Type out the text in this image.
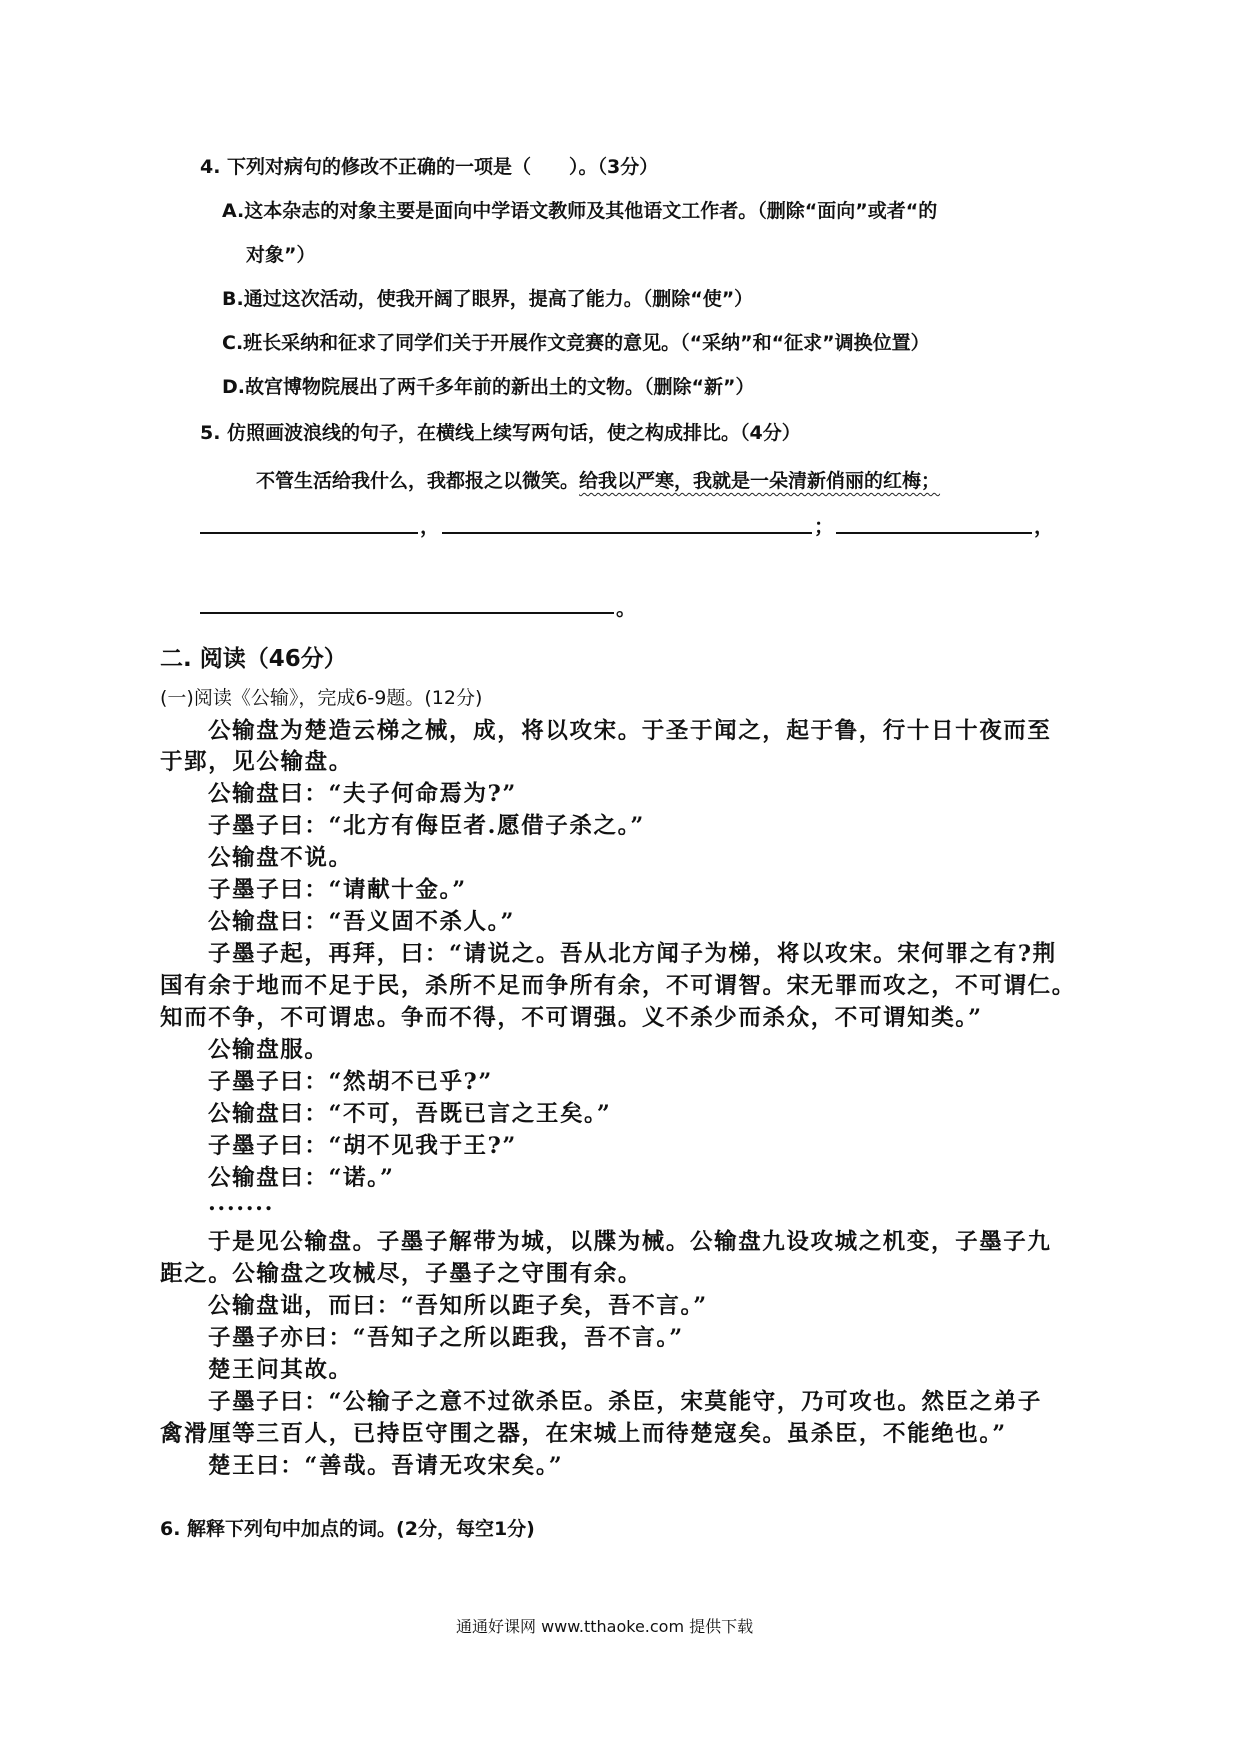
4. 下列对病句的修改不正确的一项是（　　）。（3分）
A.这本杂志的对象主要是面向中学语文教师及其他语文工作者。（删除“面向”或者“的
对象”）
B.通过这次活动，使我开阔了眼界，提高了能力。（删除“使”）
C.班长采纳和征求了同学们关于开展作文竞赛的意见。（“采纳”和“征求”调换位置）
D.故宫博物院展出了两千多年前的新出土的文物。（删除“新”）
5. 仿照画波浪线的句子，在横线上续写两句话，使之构成排比。（4分）
不管生活给我什么，我都报之以微笑。给我以严寒，我就是一朵清新俏丽的红梅；
，	；	，
。
二. 阅读（46分）
(一)阅读《公输》，完成6-9题。(12分)
公输盘为楚造云梯之械，成，将以攻宋。于圣于闻之，起于鲁，行十日十夜而至
于郢，见公输盘。
公输盘曰：“夫子何命焉为?”
子墨子曰：“北方有侮臣者.愿借子杀之。”
公输盘不说。
子墨子曰：“请献十金。”
公输盘曰：“吾义固不杀人。”
子墨子起，再拜，曰：“请说之。吾从北方闻子为梯，将以攻宋。宋何罪之有?荆
国有余于地而不足于民，杀所不足而争所有余，不可谓智。宋无罪而攻之，不可谓仁。
知而不争，不可谓忠。争而不得，不可谓强。义不杀少而杀众，不可谓知类。”
公输盘服。
子墨子曰：“然胡不已乎?”
公输盘曰：“不可，吾既已言之王矣。”
子墨子曰：“胡不见我于王?”
公输盘曰：“诺。”
.......
于是见公输盘。子墨子解带为城，以牒为械。公输盘九设攻城之机变，子墨子九
距之。公输盘之攻械尽，子墨子之守围有余。
公输盘诎，而曰：“吾知所以距子矣，吾不言。”
子墨子亦曰：“吾知子之所以距我，吾不言。”
楚王问其故。
子墨子曰：“公输子之意不过欲杀臣。杀臣，宋莫能守，乃可攻也。然臣之弟子
禽滑厘等三百人，已持臣守围之器，在宋城上而待楚寇矣。虽杀臣，不能绝也。”
楚王曰：“善哉。吾请无攻宋矣。”
6. 解释下列句中加点的词。(2分，每空1分)
通通好课网 www.tthaoke.com 提供下载
